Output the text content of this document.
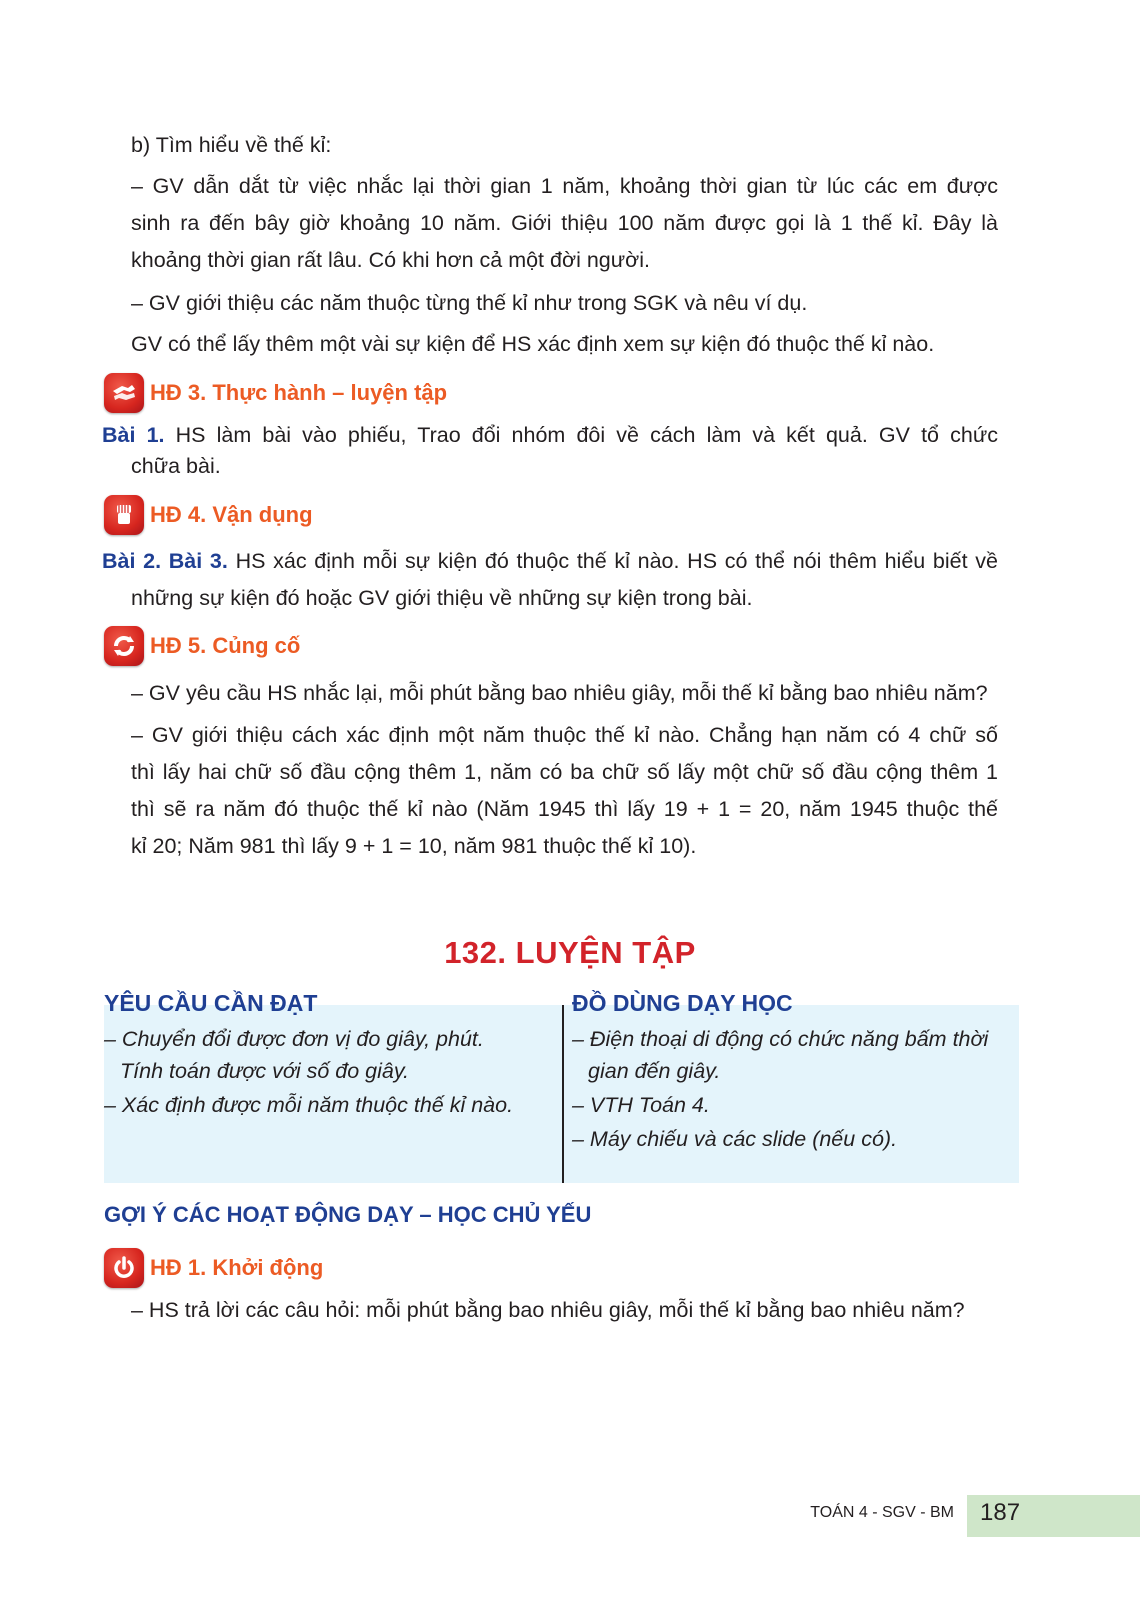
b) Tìm hiểu về thế kỉ:
– GV dẫn dắt từ việc nhắc lại thời gian 1 năm, khoảng thời gian từ lúc các em được
sinh ra đến bây giờ khoảng 10 năm. Giới thiệu 100 năm được gọi là 1 thế kỉ. Đây là
khoảng thời gian rất lâu. Có khi hơn cả một đời người.
– GV giới thiệu các năm thuộc từng thế kỉ như trong SGK và nêu ví dụ.
GV có thể lấy thêm một vài sự kiện để HS xác định xem sự kiện đó thuộc thế kỉ nào.
HĐ 3. Thực hành – luyện tập
Bài 1. HS làm bài vào phiếu, Trao đổi nhóm đôi về cách làm và kết quả. GV tổ chức
chữa bài.
HĐ 4. Vận dụng
Bài 2. Bài 3. HS xác định mỗi sự kiện đó thuộc thế kỉ nào. HS có thể nói thêm hiểu biết về
những sự kiện đó hoặc GV giới thiệu về những sự kiện trong bài.
HĐ 5. Củng cố
– GV yêu cầu HS nhắc lại, mỗi phút bằng bao nhiêu giây, mỗi thế kỉ bằng bao nhiêu năm?
– GV giới thiệu cách xác định một năm thuộc thế kỉ nào. Chẳng hạn năm có 4 chữ số
thì lấy hai chữ số đầu cộng thêm 1, năm có ba chữ số lấy một chữ số đầu cộng thêm 1
thì sẽ ra năm đó thuộc thế kỉ nào (Năm 1945 thì lấy 19 + 1 = 20, năm 1945 thuộc thế
kỉ 20; Năm 981 thì lấy 9 + 1 = 10, năm 981 thuộc thế kỉ 10).
132. LUYỆN TẬP
YÊU CẦU CẦN ĐẠT
– Chuyển đổi được đơn vị đo giây, phút.
Tính toán được với số đo giây.
– Xác định được mỗi năm thuộc thế kỉ nào.
ĐỒ DÙNG DẠY HỌC
– Điện thoại di động có chức năng bấm thời
gian đến giây.
– VTH Toán 4.
– Máy chiếu và các slide (nếu có).
GỢI Ý CÁC HOẠT ĐỘNG DẠY – HỌC CHỦ YẾU
HĐ 1. Khởi động
– HS trả lời các câu hỏi: mỗi phút bằng bao nhiêu giây, mỗi thế kỉ bằng bao nhiêu năm?
TOÁN 4 - SGV - BM 187
